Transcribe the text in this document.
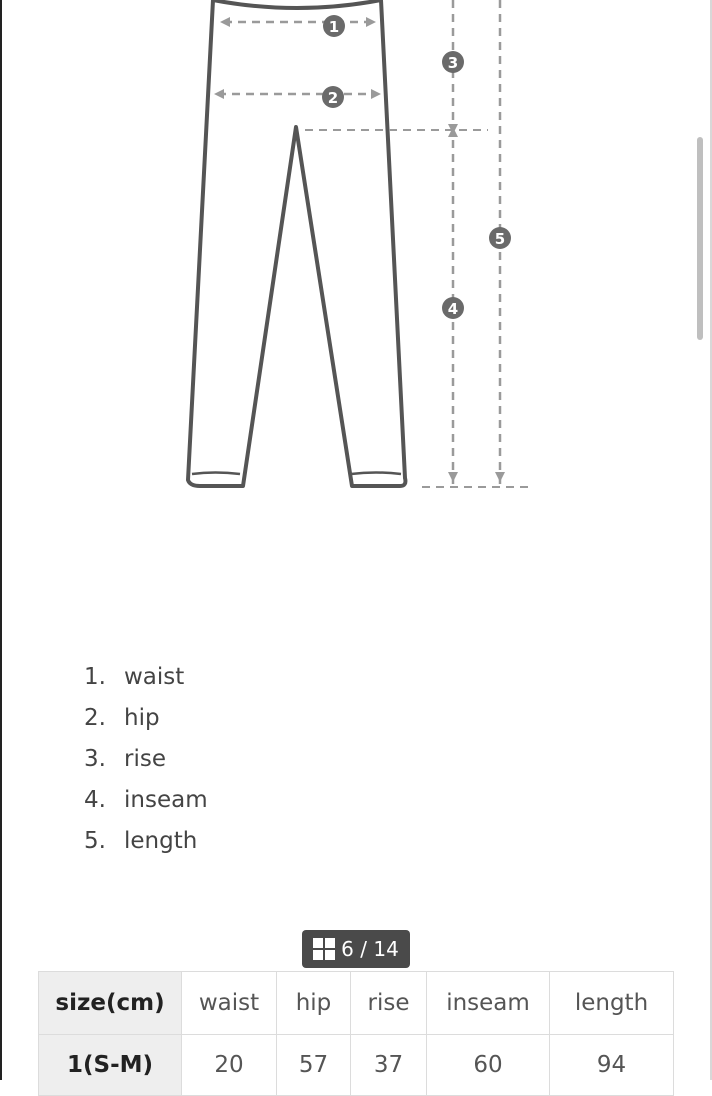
1
2
3
4
5
1. waist
2. hip
3. rise
4. inseam
5. length
6 / 14
size(cm)	waist	hip	rise	inseam	length
1(S-M)	20	57	37	60	94
